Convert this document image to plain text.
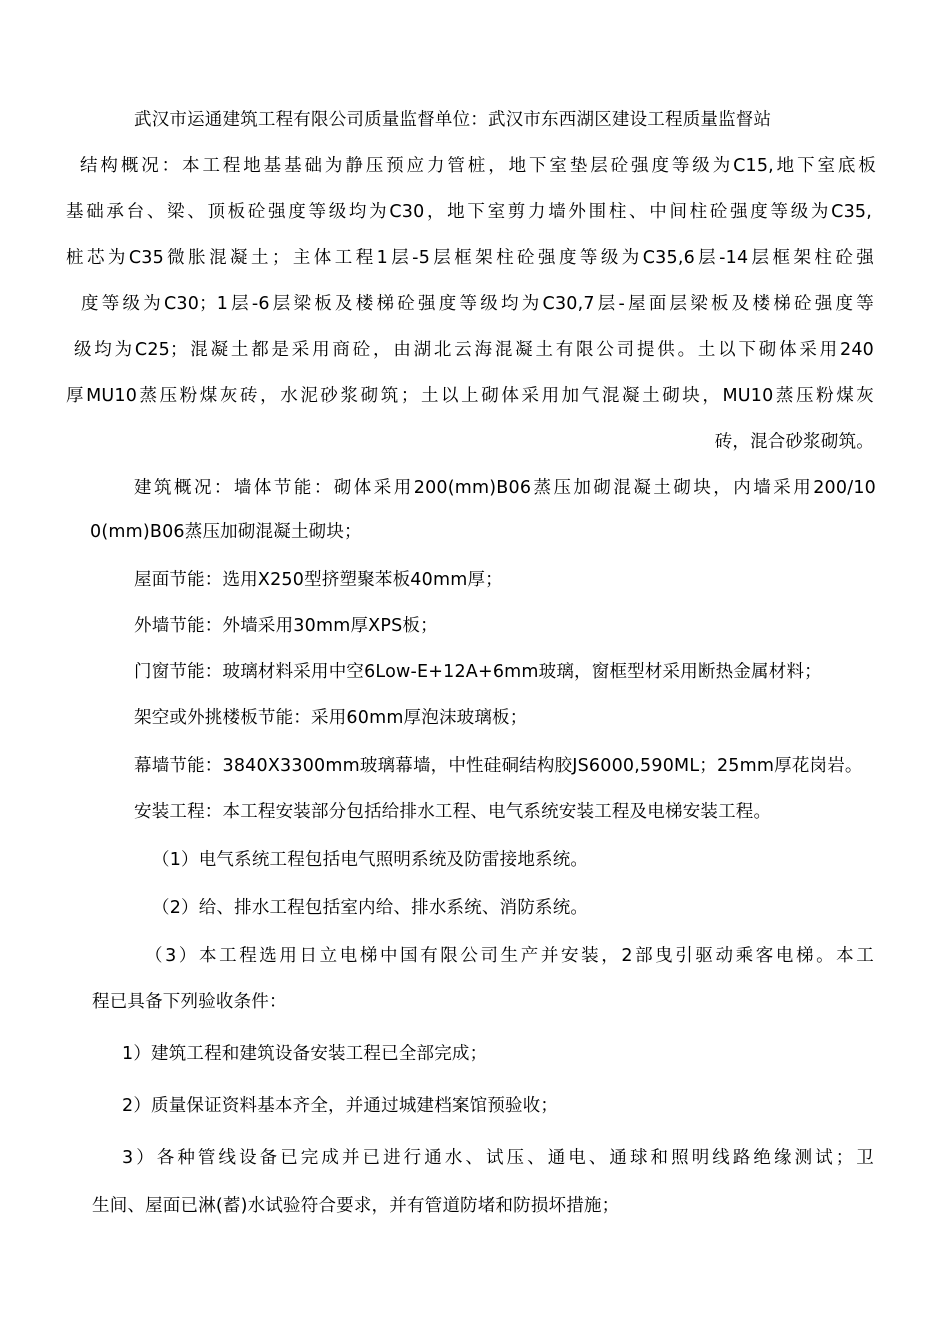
武汉市运通建筑工程有限公司质量监督单位：武汉市东西湖区建设工程质量监督站
结构概况：本工程地基基础为静压预应力管桩，地下室垫层砼强度等级为C15,地下室底板
基础承台、梁、顶板砼强度等级均为C30，地下室剪力墙外围柱、中间柱砼强度等级为C35,
桩芯为C35微胀混凝土；主体工程1层-5层框架柱砼强度等级为C35,6层-14层框架柱砼强
度等级为C30；1层-6层梁板及楼梯砼强度等级均为C30,7层-屋面层梁板及楼梯砼强度等
级均为C25；混凝土都是采用商砼，由湖北云海混凝土有限公司提供。土以下砌体采用240
厚MU10蒸压粉煤灰砖，水泥砂浆砌筑；土以上砌体采用加气混凝土砌块，MU10蒸压粉煤灰
砖，混合砂浆砌筑。
建筑概况：墙体节能：砌体采用200(mm)B06蒸压加砌混凝土砌块，内墙采用200/10
0(mm)B06蒸压加砌混凝土砌块；
屋面节能：选用X250型挤塑聚苯板40mm厚；
外墙节能：外墙采用30mm厚XPS板；
门窗节能：玻璃材料采用中空6Low-E+12A+6mm玻璃，窗框型材采用断热金属材料；
架空或外挑楼板节能：采用60mm厚泡沫玻璃板；
幕墙节能：3840X3300mm玻璃幕墙，中性硅硐结构胶JS6000,590ML；25mm厚花岗岩。
安装工程：本工程安装部分包括给排水工程、电气系统安装工程及电梯安装工程。
（1）电气系统工程包括电气照明系统及防雷接地系统。
（2）给、排水工程包括室内给、排水系统、消防系统。
（3）本工程选用日立电梯中国有限公司生产并安装，2部曳引驱动乘客电梯。本工
程已具备下列验收条件：
1）建筑工程和建筑设备安装工程已全部完成；
2）质量保证资料基本齐全，并通过城建档案馆预验收；
3）各种管线设备已完成并已进行通水、试压、通电、通球和照明线路绝缘测试；卫
生间、屋面已淋(蓄)水试验符合要求，并有管道防堵和防损坏措施；
